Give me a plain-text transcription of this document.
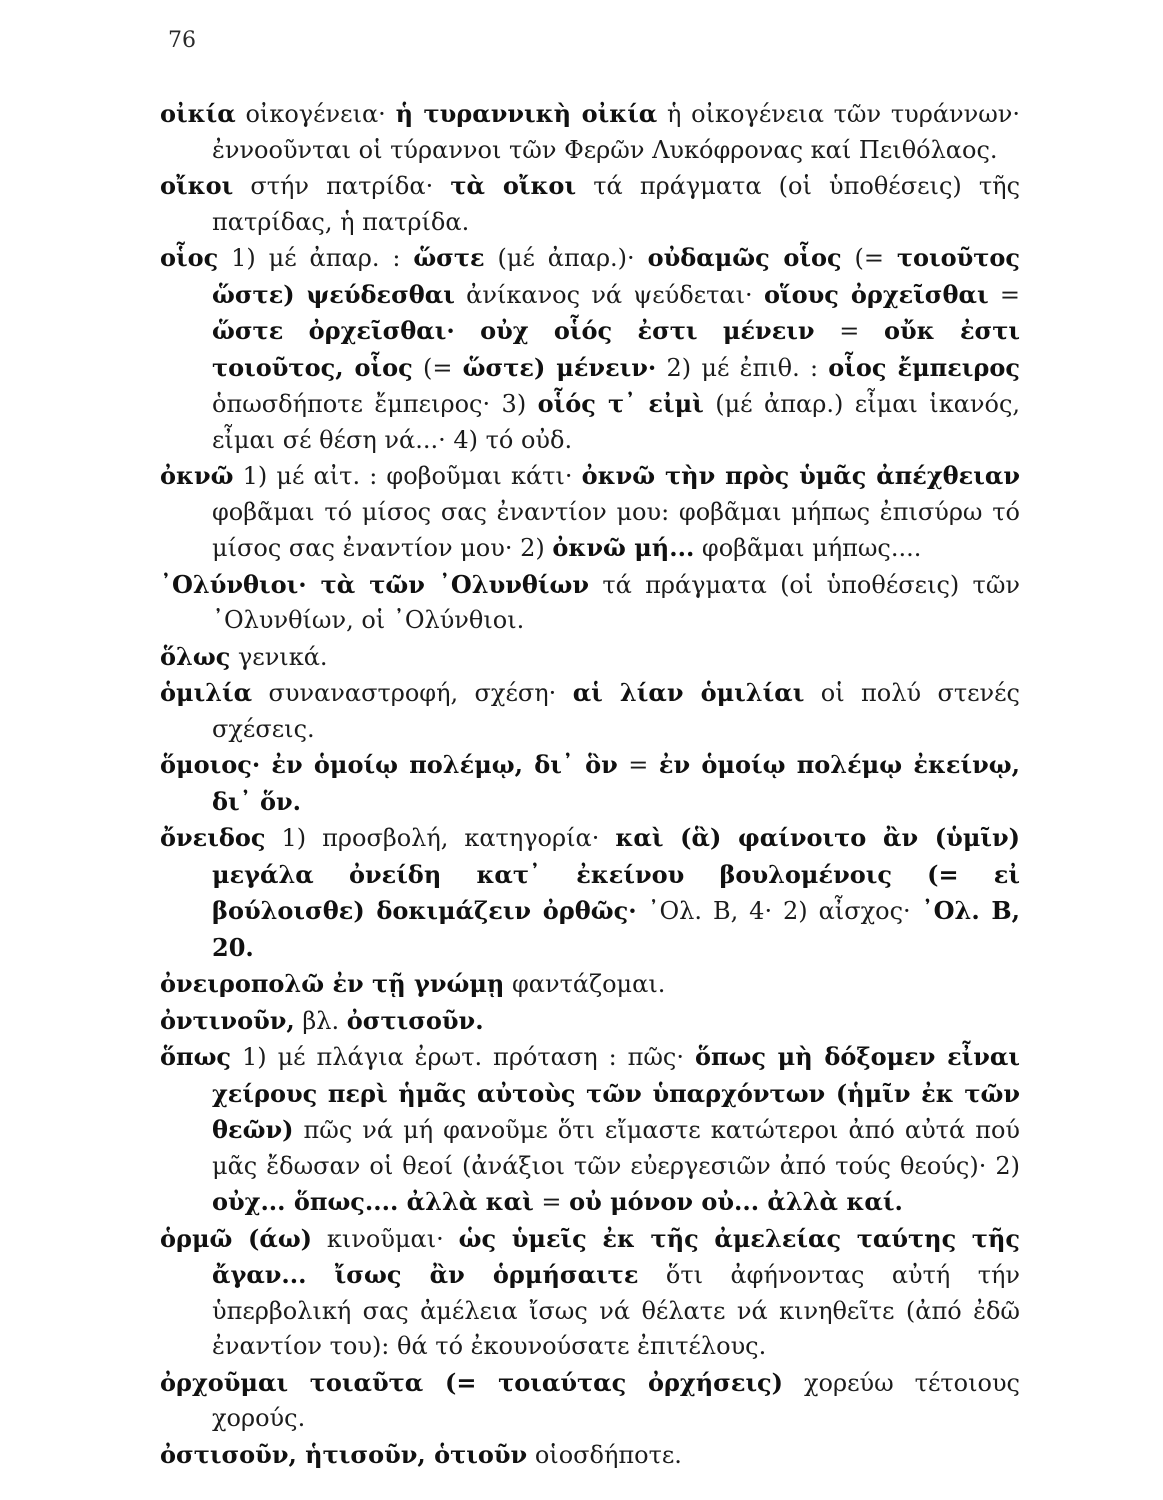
76

οἰκία οἰκογένεια· ἡ τυραννικὴ οἰκία ἡ οἰκογένεια τῶν τυράννων· ἐννοοῦνται οἱ τύραννοι τῶν Φερῶν Λυκόφρονας καί Πειθόλαος.

οἴκοι στήν πατρίδα· τὰ οἴκοι τά πράγματα (οἱ ὑποθέσεις) τῆς πατρίδας, ἡ πατρίδα.

οἷος 1) μέ ἀπαρ. : ὥστε (μέ ἀπαρ.)· οὐδαμῶς οἷος (= τοιοῦτος ὥστε) ψεύδεσθαι ἀνίκανος νά ψεύδεται· οἵους ὀρχεῖσθαι = ὥστε ὀρχεῖσθαι· οὐχ οἷός ἐστι μένειν = οὔκ ἐστι τοιοῦτος, οἷος (= ὥστε) μένειν· 2) μέ ἐπιθ. : οἷος ἔμπειρος ὁπωσδήποτε ἔμπειρος· 3) οἷός τ᾽ εἰμὶ (μέ ἀπαρ.) εἶμαι ἱκανός, εἶμαι σέ θέση νά...· 4) τό οὐδ.

ὀκνῶ 1) μέ αἰτ. : φοβοῦμαι κάτι· ὀκνῶ τὴν πρὸς ὑμᾶς ἀπέχθειαν φοβᾶμαι τό μίσος σας ἐναντίον μου: φοβᾶμαι μήπως ἐπισύρω τό μίσος σας ἐναντίον μου· 2) ὀκνῶ μή... φοβᾶμαι μήπως....

᾽Ολύνθιοι· τὰ τῶν ᾽Ολυνθίων τά πράγματα (οἱ ὑποθέσεις) τῶν ᾽Ολυνθίων, οἱ ᾽Ολύνθιοι.

ὅλως γενικά.

ὁμιλία συναναστροφή, σχέση· αἱ λίαν ὁμιλίαι οἱ πολύ στενές σχέσεις.

ὅμοιος· ἐν ὁμοίῳ πολέμῳ, δι᾽ ὃν = ἐν ὁμοίῳ πολέμῳ ἐκείνῳ, δι᾽ ὅν.

ὄνειδος 1) προσβολή, κατηγορία· καὶ (ἃ) φαίνοιτο ἂν (ὑμῖν) μεγάλα ὀνείδη κατ᾽ ἐκείνου βουλομένοις (= εἰ βούλοισθε) δοκιμάζειν ὀρθῶς· ᾽Ολ. Β, 4· 2) αἶσχος· ᾽Ολ. Β, 20.

ὀνειροπολῶ ἐν τῇ γνώμῃ φαντάζομαι.

ὀντινοῦν, βλ. ὀστισοῦν.

ὅπως 1) μέ πλάγια ἐρωτ. πρόταση : πῶς· ὅπως μὴ δόξομεν εἶναι χείρους περὶ ἡμᾶς αὐτοὺς τῶν ὑπαρχόντων (ἡμῖν ἐκ τῶν θεῶν) πῶς νά μή φανοῦμε ὅτι εἴμαστε κατώτεροι ἀπό αὐτά πού μᾶς ἔδωσαν οἱ θεοί (ἀνάξιοι τῶν εὐεργεσιῶν ἀπό τούς θεούς)· 2) οὐχ... ὅπως.... ἀλλὰ καὶ = οὐ μόνον οὐ... ἀλλὰ καί.

ὁρμῶ (άω) κινοῦμαι· ὡς ὑμεῖς ἐκ τῆς ἀμελείας ταύτης τῆς ἄγαν... ἴσως ἂν ὁρμήσαιτε ὅτι ἀφήνοντας αὐτή τήν ὑπερβολική σας ἀμέλεια ἴσως νά θέλατε νά κινηθεῖτε (ἀπό ἐδῶ ἐναντίον του): θά τό ἐκουνούσατε ἐπιτέλους.

ὀρχοῦμαι τοιαῦτα (= τοιαύτας ὀρχήσεις) χορεύω τέτοιους χορούς.

ὀστισοῦν, ἡτισοῦν, ὁτιοῦν οἱοσδήποτε.
